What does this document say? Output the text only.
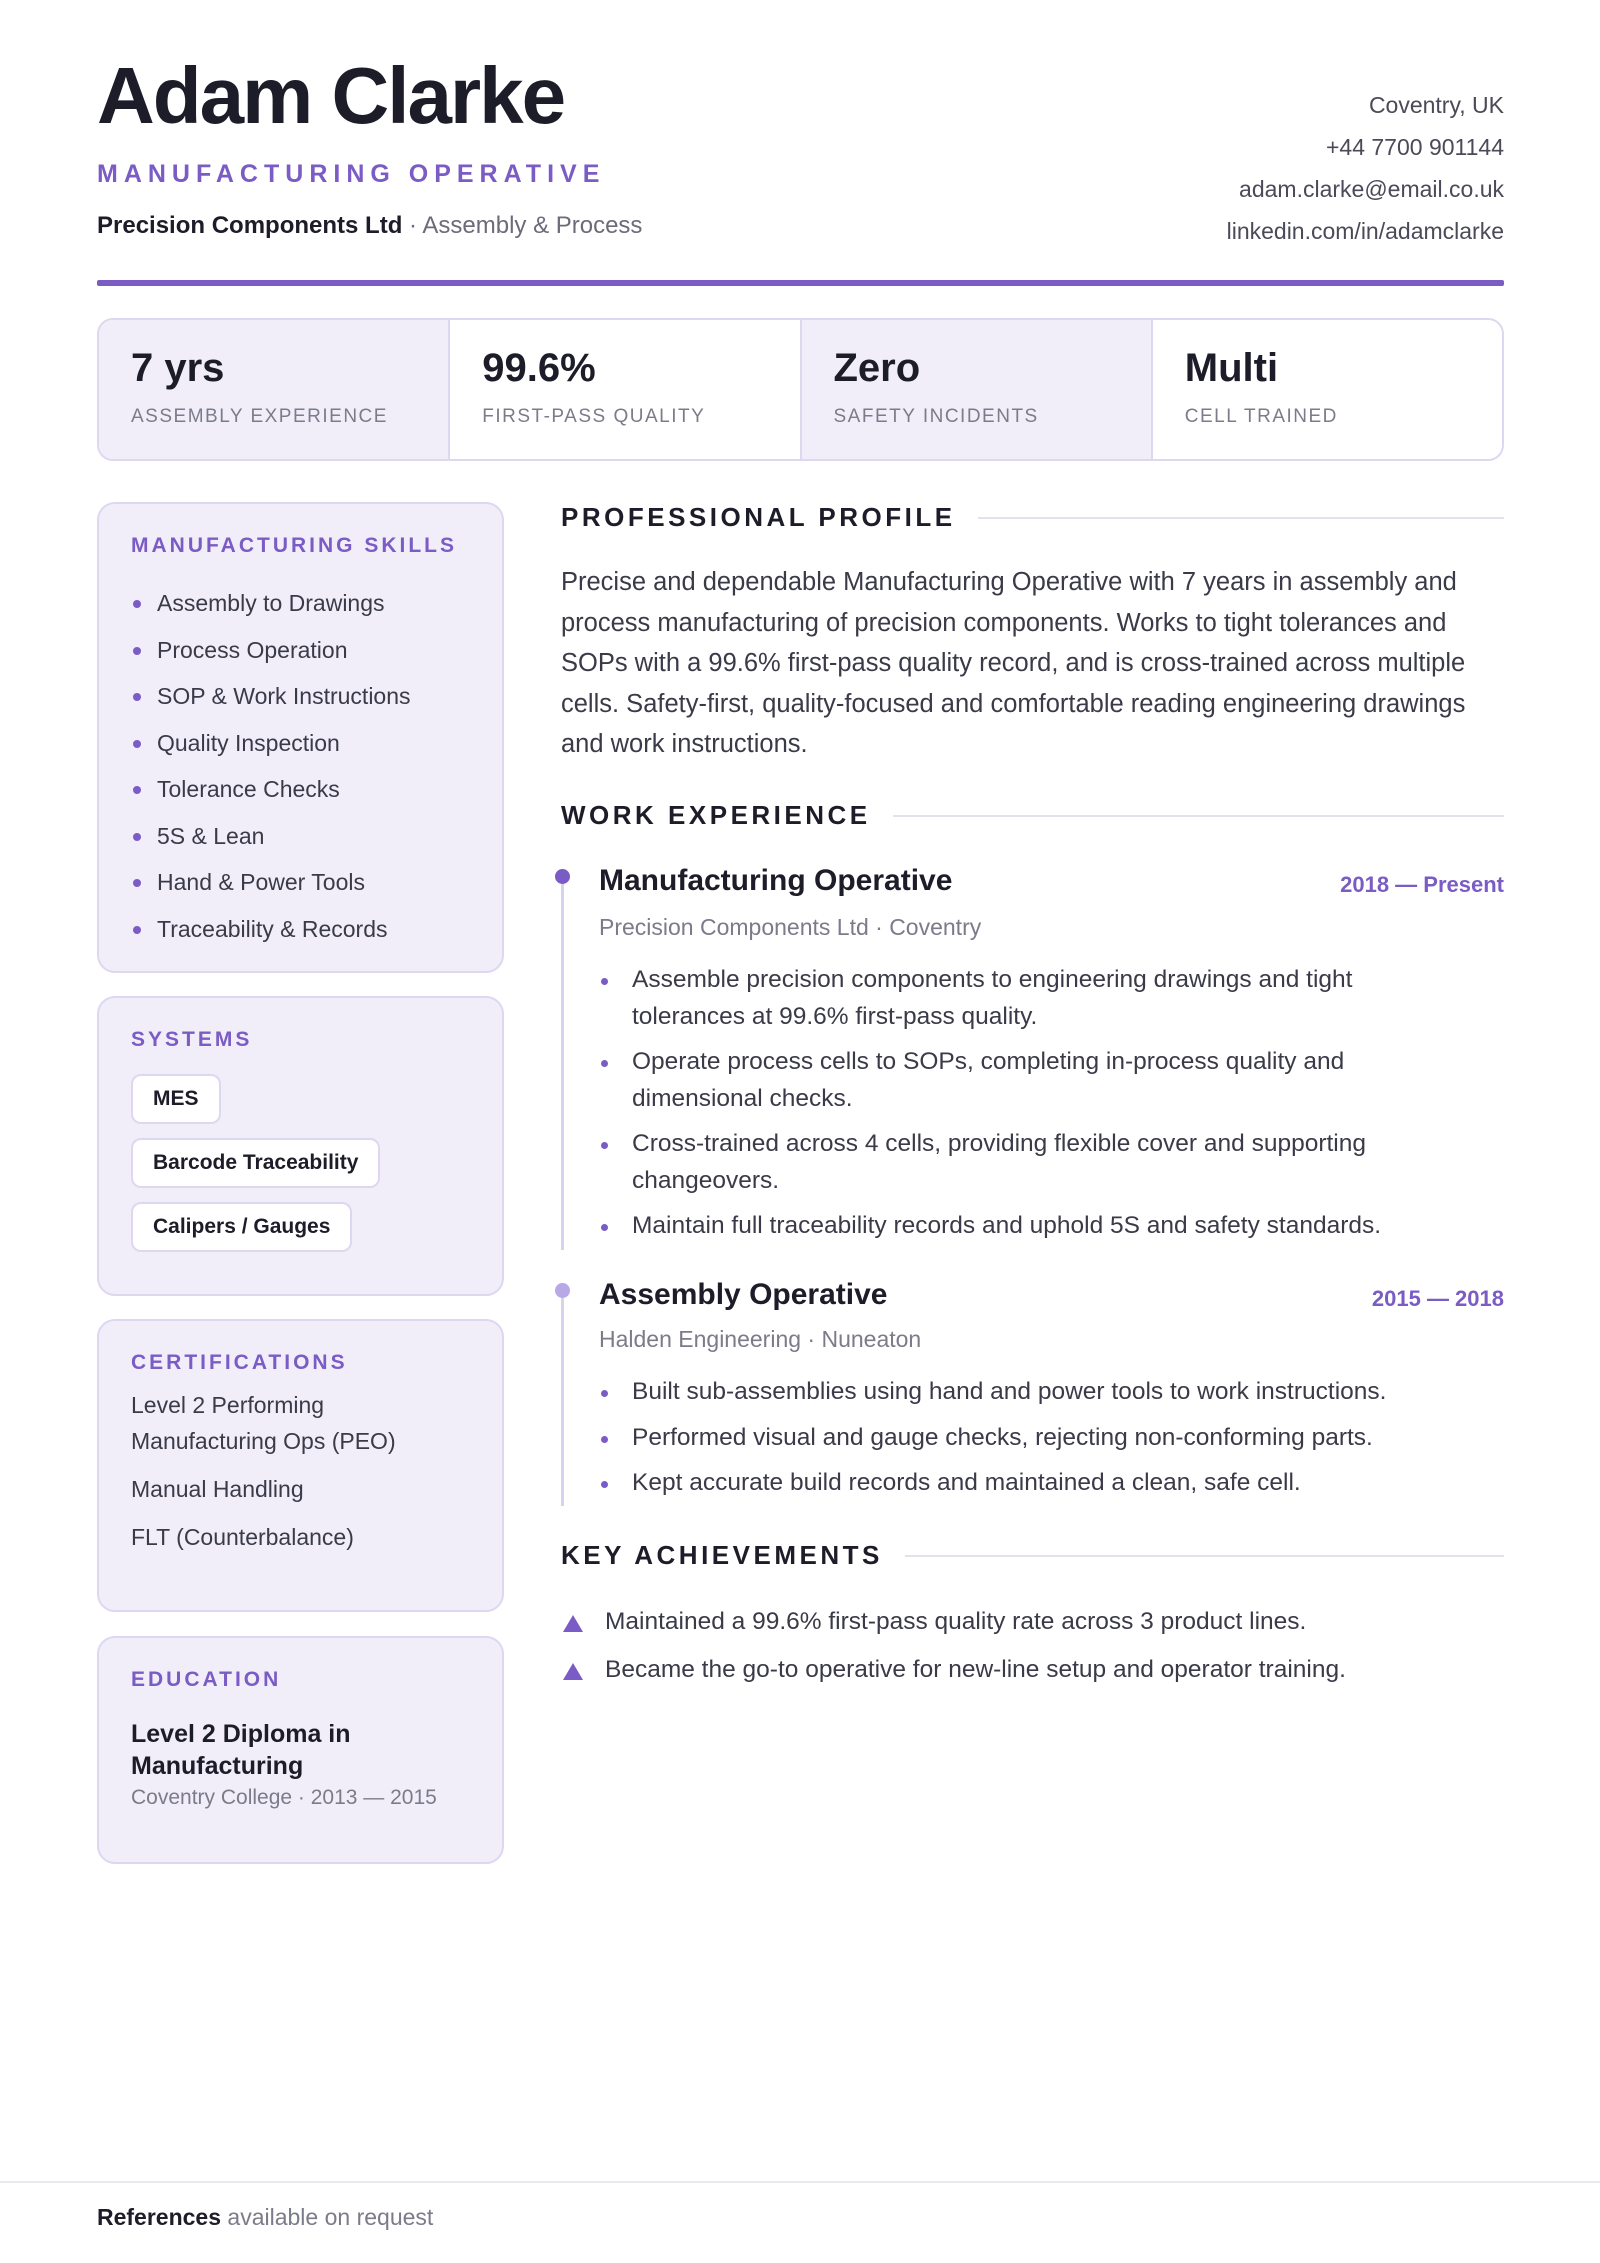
Adam Clarke
MANUFACTURING OPERATIVE
Precision Components Ltd · Assembly & Process
Coventry, UK
+44 7700 901144
adam.clarke@email.co.uk
linkedin.com/in/adamclarke
7 yrs
ASSEMBLY EXPERIENCE
99.6%
FIRST-PASS QUALITY
Zero
SAFETY INCIDENTS
Multi
CELL TRAINED
MANUFACTURING SKILLS
Assembly to Drawings
Process Operation
SOP & Work Instructions
Quality Inspection
Tolerance Checks
5S & Lean
Hand & Power Tools
Traceability & Records
SYSTEMS
MES
Barcode Traceability
Calipers / Gauges
CERTIFICATIONS
Level 2 Performing Manufacturing Ops (PEO)
Manual Handling
FLT (Counterbalance)
EDUCATION
Level 2 Diploma in Manufacturing
Coventry College · 2013 — 2015
PROFESSIONAL PROFILE

Precise and dependable Manufacturing Operative with 7 years in assembly and process manufacturing of precision components. Works to tight tolerances and SOPs with a 99.6% first-pass quality record, and is cross-trained across multiple cells. Safety-first, quality-focused and comfortable reading engineering drawings and work instructions.

WORK EXPERIENCE
Manufacturing Operative	2018 — Present
Precision Components Ltd · Coventry
Assemble precision components to engineering drawings and tight tolerances at 99.6% first-pass quality.
Operate process cells to SOPs, completing in-process quality and dimensional checks.
Cross-trained across 4 cells, providing flexible cover and supporting changeovers.
Maintain full traceability records and uphold 5S and safety standards.
Assembly Operative	2015 — 2018
Halden Engineering · Nuneaton
Built sub-assemblies using hand and power tools to work instructions.
Performed visual and gauge checks, rejecting non-conforming parts.
Kept accurate build records and maintained a clean, safe cell.
KEY ACHIEVEMENTS
Maintained a 99.6% first-pass quality rate across 3 product lines.
Became the go-to operative for new-line setup and operator training.
References available on request
